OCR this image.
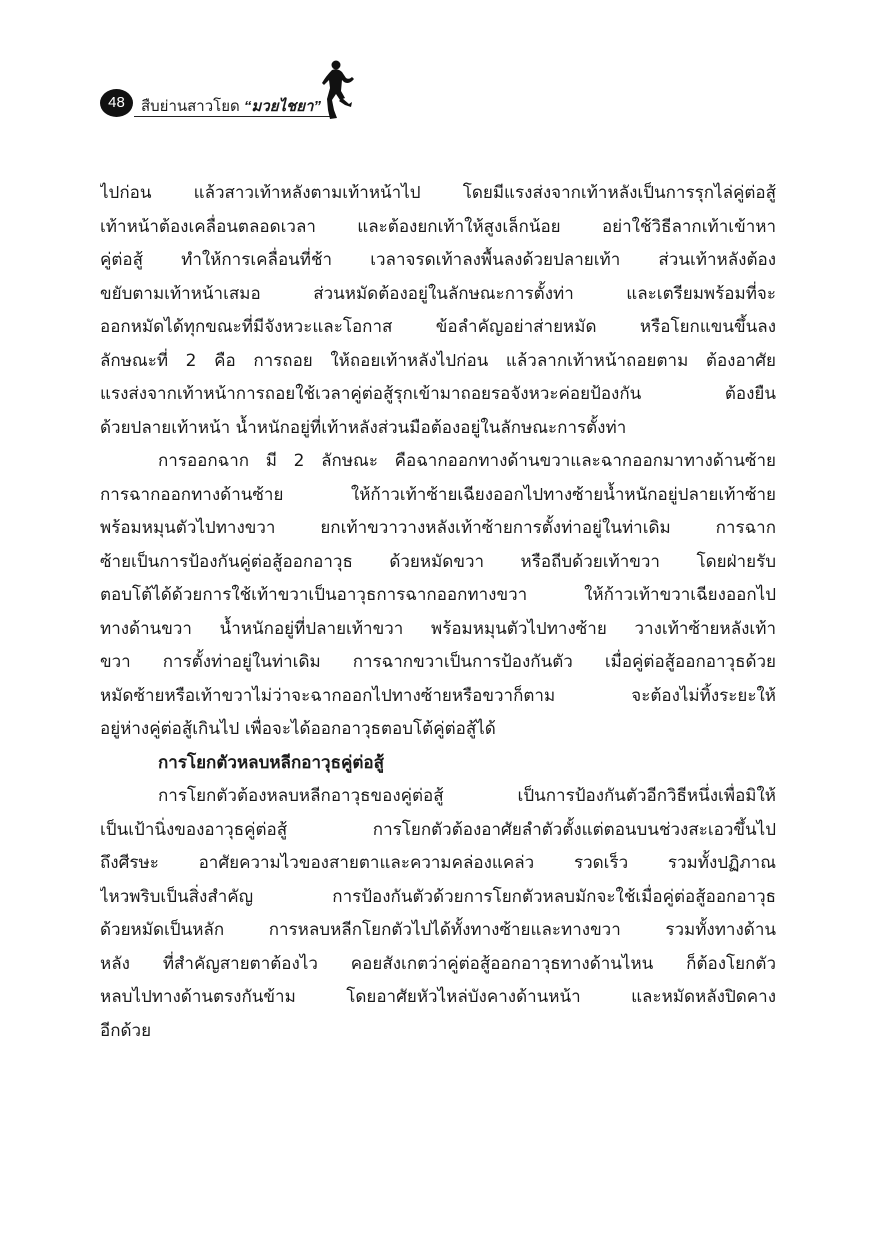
48	สืบย่านสาวโยด “มวยไชยา”
ไปก่อน แล้วสาวเท้าหลังตามเท้าหน้าไป โดยมีแรงส่งจากเท้าหลังเป็นการรุกไล่คู่ต่อสู้
เท้าหน้าต้องเคลื่อนตลอดเวลา และต้องยกเท้าให้สูงเล็กน้อย อย่าใช้วิธีลากเท้าเข้าหา
คู่ต่อสู้ ทำให้การเคลื่อนที่ช้า เวลาจรดเท้าลงพื้นลงด้วยปลายเท้า ส่วนเท้าหลังต้อง
ขยับตามเท้าหน้าเสมอ ส่วนหมัดต้องอยู่ในลักษณะการตั้งท่า และเตรียมพร้อมที่จะ
ออกหมัดได้ทุกขณะที่มีจังหวะและโอกาส ข้อลำคัญอย่าส่ายหมัด หรือโยกแขนขึ้นลง
ลักษณะที่ 2 คือ การถอย ให้ถอยเท้าหลังไปก่อน แล้วลากเท้าหน้าถอยตาม ต้องอาศัย
แรงส่งจากเท้าหน้าการถอยใช้เวลาคู่ต่อสู้รุกเข้ามาถอยรอจังหวะค่อยป้องกัน ต้องยืน
ด้วยปลายเท้าหน้า น้ำหนักอยู่ที่เท้าหลังส่วนมือต้องอยู่ในลักษณะการตั้งท่า
การออกฉาก มี 2 ลักษณะ คือฉากออกทางด้านขวาและฉากออกมาทางด้านซ้าย
การฉากออกทางด้านซ้าย ให้ก้าวเท้าซ้ายเฉียงออกไปทางซ้ายน้ำหนักอยู่ปลายเท้าซ้าย
พร้อมหมุนตัวไปทางขวา ยกเท้าขวาวางหลังเท้าซ้ายการตั้งท่าอยู่ในท่าเดิม การฉาก
ซ้ายเป็นการป้องกันคู่ต่อสู้ออกอาวุธ ด้วยหมัดขวา หรือถีบด้วยเท้าขวา โดยฝ่ายรับ
ตอบโต้ได้ด้วยการใช้เท้าขวาเป็นอาวุธการฉากออกทางขวา ให้ก้าวเท้าขวาเฉียงออกไป
ทางด้านขวา น้ำหนักอยู่ที่ปลายเท้าขวา พร้อมหมุนตัวไปทางซ้าย วางเท้าซ้ายหลังเท้า
ขวา การตั้งท่าอยู่ในท่าเดิม การฉากขวาเป็นการป้องกันตัว เมื่อคู่ต่อสู้ออกอาวุธด้วย
หมัดซ้ายหรือเท้าขวาไม่ว่าจะฉากออกไปทางซ้ายหรือขวาก็ตาม จะต้องไม่ทิ้งระยะให้
อยู่ห่างคู่ต่อสู้เกินไป เพื่อจะได้ออกอาวุธตอบโต้คู่ต่อสู้ได้
การโยกตัวหลบหลีกอาวุธคู่ต่อสู้
การโยกตัวต้องหลบหลีกอาวุธของคู่ต่อสู้ เป็นการป้องกันตัวอีกวิธีหนึ่งเพื่อมิให้
เป็นเป้านิ่งของอาวุธคู่ต่อสู้ การโยกตัวต้องอาศัยลำตัวตั้งแต่ตอนบนช่วงสะเอวขึ้นไป
ถึงศีรษะ อาศัยความไวของสายตาและความคล่องแคล่ว รวดเร็ว รวมทั้งปฏิภาณ
ไหวพริบเป็นสิ่งสำคัญ การป้องกันตัวด้วยการโยกตัวหลบมักจะใช้เมื่อคู่ต่อสู้ออกอาวุธ
ด้วยหมัดเป็นหลัก การหลบหลีกโยกตัวไปได้ทั้งทางซ้ายและทางขวา รวมทั้งทางด้าน
หลัง ที่สำคัญสายตาต้องไว คอยสังเกตว่าคู่ต่อสู้ออกอาวุธทางด้านไหน ก็ต้องโยกตัว
หลบไปทางด้านตรงกันข้าม โดยอาศัยหัวไหล่บังคางด้านหน้า และหมัดหลังปิดคาง
อีกด้วย
